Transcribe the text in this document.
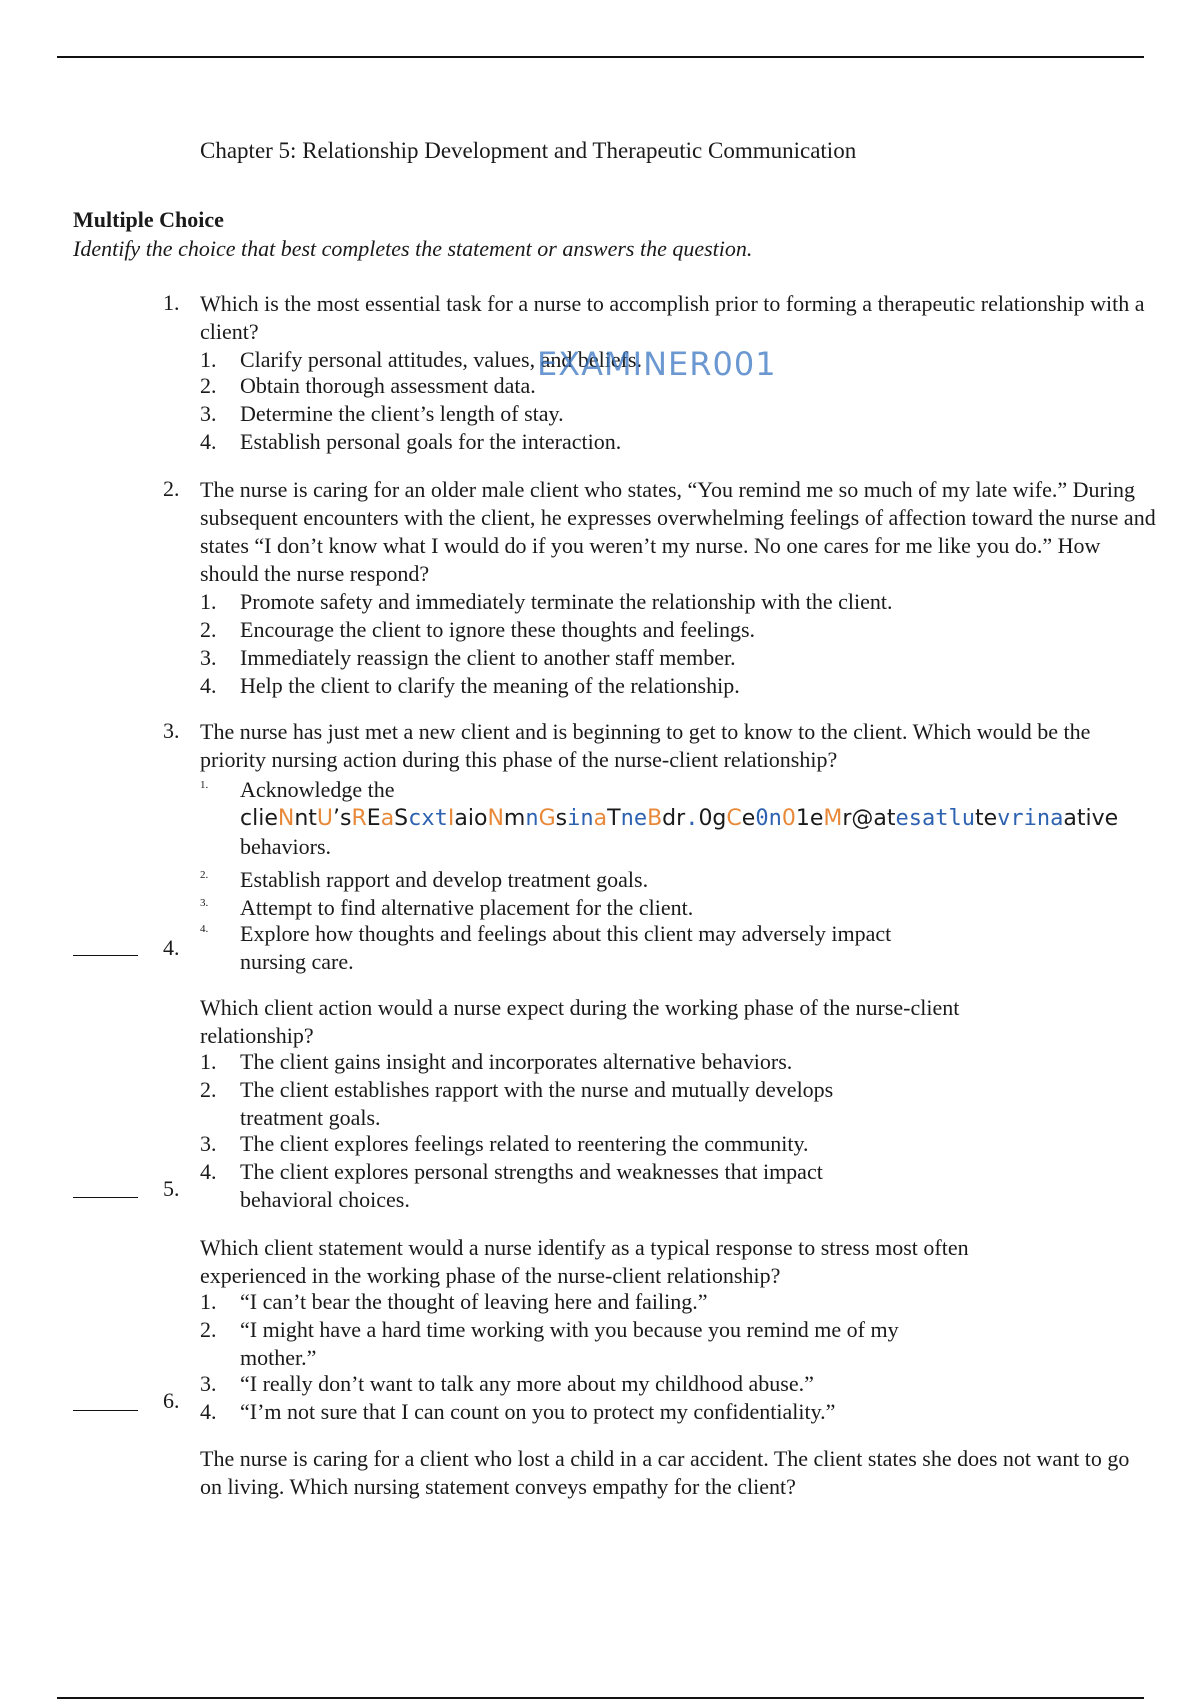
Chapter 5: Relationship Development and Therapeutic Communication
Multiple Choice
Identify the choice that best completes the statement or answers the question.
1. Which is the most essential task for a nurse to accomplish prior to forming a therapeutic relationship with a client?
1.	Clarify personal attitudes, values, and beliefs.
2.	Obtain thorough assessment data.
3.	Determine the client’s length of stay.
4.	Establish personal goals for the interaction.
EXAMINER001
2. The nurse is caring for an older male client who states, “You remind me so much of my late wife.” During subsequent encounters with the client, he expresses overwhelming feelings of affection toward the nurse and states “I don’t know what I would do if you weren’t my nurse. No one cares for me like you do.” How should the nurse respond?
1.	Promote safety and immediately terminate the relationship with the client.
2.	Encourage the client to ignore these thoughts and feelings.
3.	Immediately reassign the client to another staff member.
4.	Help the client to clarify the meaning of the relationship.
3. The nurse has just met a new client and is beginning to get to know to the client. Which would be the priority nursing action during this phase of the nurse-client relationship?
1.	Acknowledge the
clieNntU’sREaScxtIaioNmnGsinaTneBdr.0gCe0n01eMr@atesatlutevrinaative
behaviors.
2.	Establish rapport and develop treatment goals.
3.	Attempt to find alternative placement for the client.
4.	Explore how thoughts and feelings about this client may adversely impact nursing care.
4.
Which client action would a nurse expect during the working phase of the nurse-client relationship?
1.	The client gains insight and incorporates alternative behaviors.
2.	The client establishes rapport with the nurse and mutually develops treatment goals.
3.	The client explores feelings related to reentering the community.
4.	The client explores personal strengths and weaknesses that impact behavioral choices.
5.
Which client statement would a nurse identify as a typical response to stress most often experienced in the working phase of the nurse-client relationship?
1.	“I can’t bear the thought of leaving here and failing.”
2.	“I might have a hard time working with you because you remind me of my mother.”
3.	“I really don’t want to talk any more about my childhood abuse.”
4.	“I’m not sure that I can count on you to protect my confidentiality.”
6.
The nurse is caring for a client who lost a child in a car accident. The client states she does not want to go on living. Which nursing statement conveys empathy for the client?
